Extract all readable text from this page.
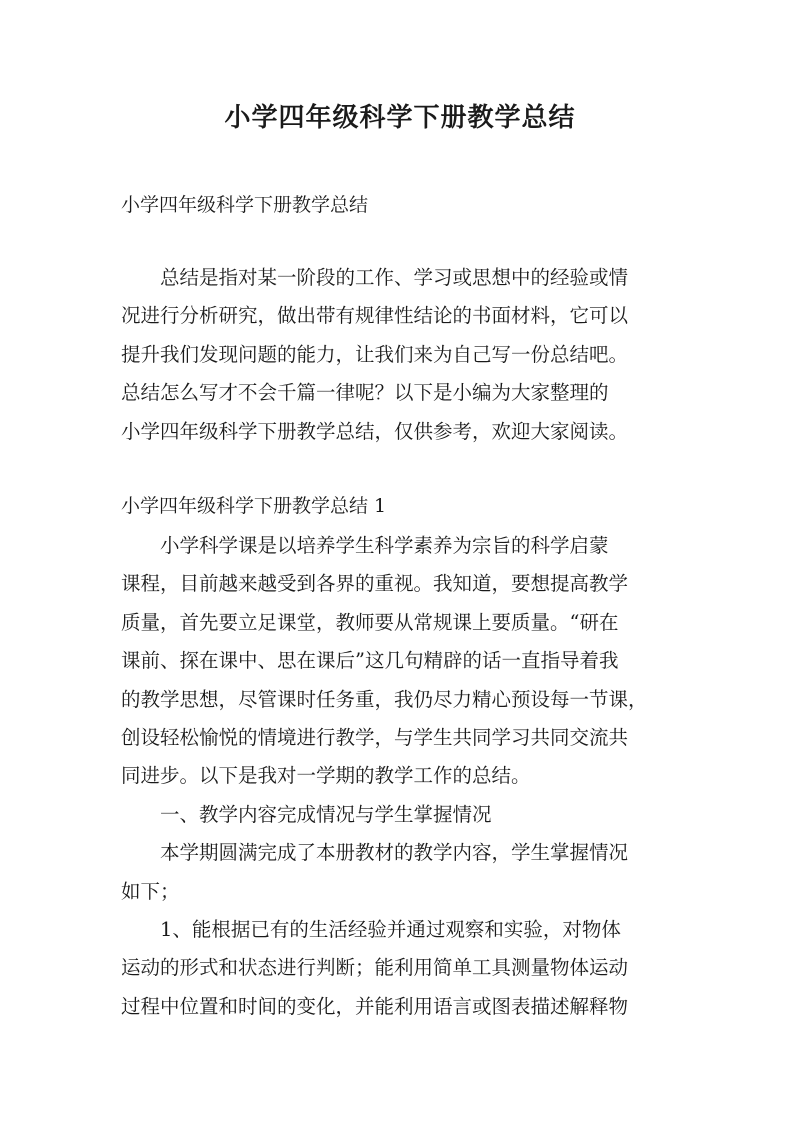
小学四年级科学下册教学总结

小学四年级科学下册教学总结

总结是指对某一阶段的工作、学习或思想中的经验或情
况进行分析研究，做出带有规律性结论的书面材料，它可以
提升我们发现问题的能力，让我们来为自己写一份总结吧。
总结怎么写才不会千篇一律呢？以下是小编为大家整理的
小学四年级科学下册教学总结，仅供参考，欢迎大家阅读。

小学四年级科学下册教学总结 1

小学科学课是以培养学生科学素养为宗旨的科学启蒙
课程，目前越来越受到各界的重视。我知道，要想提高教学
质量，首先要立足课堂，教师要从常规课上要质量。“研在
课前、探在课中、思在课后”这几句精辟的话一直指导着我
的教学思想，尽管课时任务重，我仍尽力精心预设每一节课，
创设轻松愉悦的情境进行教学，与学生共同学习共同交流共
同进步。以下是我对一学期的教学工作的总结。
一、教学内容完成情况与学生掌握情况
本学期圆满完成了本册教材的教学内容，学生掌握情况
如下；
1、能根据已有的生活经验并通过观察和实验，对物体
运动的形式和状态进行判断；能利用简单工具测量物体运动
过程中位置和时间的变化，并能利用语言或图表描述解释物
